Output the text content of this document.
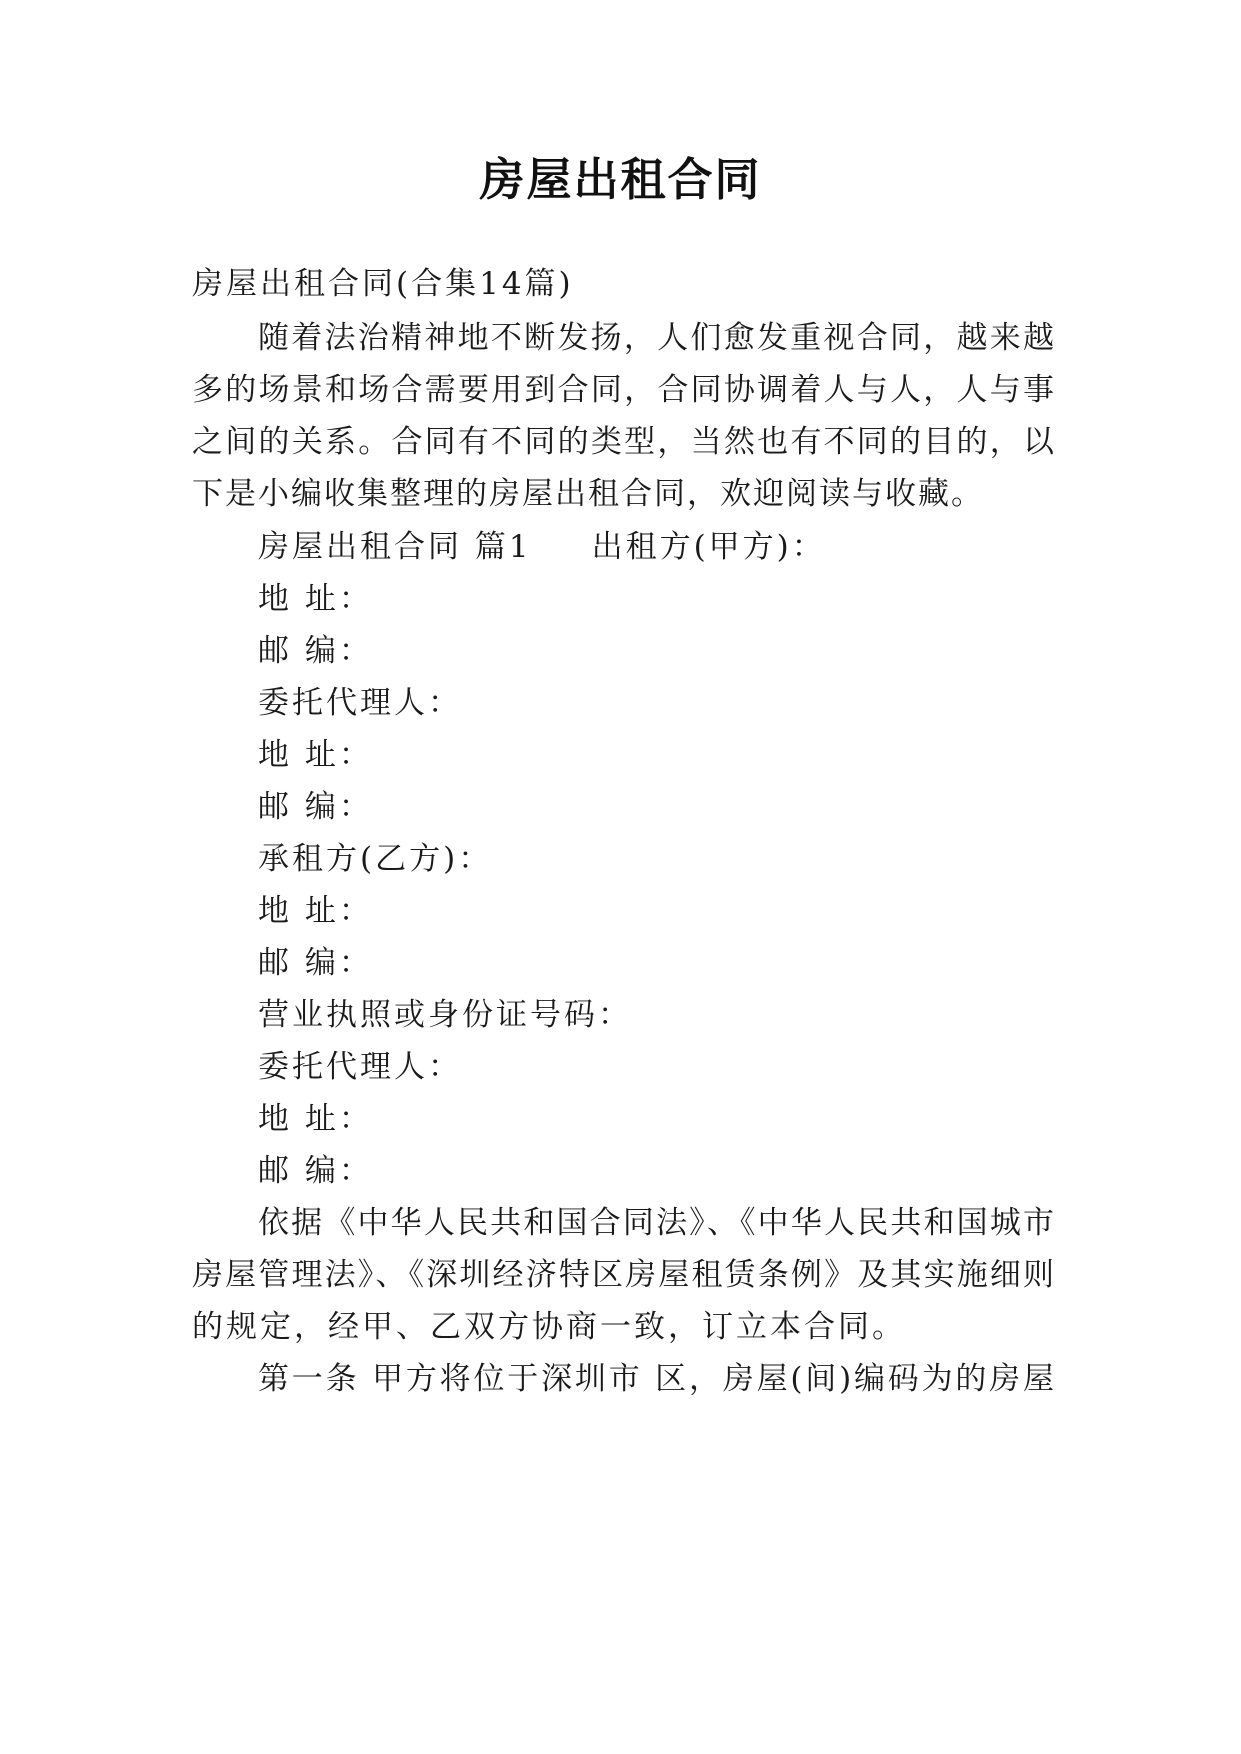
房屋出租合同
房屋出租合同(合集14篇)
随着法治精神地不断发扬，人们愈发重视合同，越来越
多的场景和场合需要用到合同，合同协调着人与人，人与事
之间的关系。合同有不同的类型，当然也有不同的目的，以
下是小编收集整理的房屋出租合同，欢迎阅读与收藏。
房屋出租合同 篇1 出租方(甲方)：
地 址：
邮 编：
委托代理人：
地 址：
邮 编：
承租方(乙方)：
地 址：
邮 编：
营业执照或身份证号码：
委托代理人：
地 址：
邮 编：
依据《中华人民共和国合同法》、《中华人民共和国城市
房屋管理法》、《深圳经济特区房屋租赁条例》及其实施细则
的规定，经甲、乙双方协商一致，订立本合同。
第一条 甲方将位于深圳市 区，房屋(间)编码为的房屋
